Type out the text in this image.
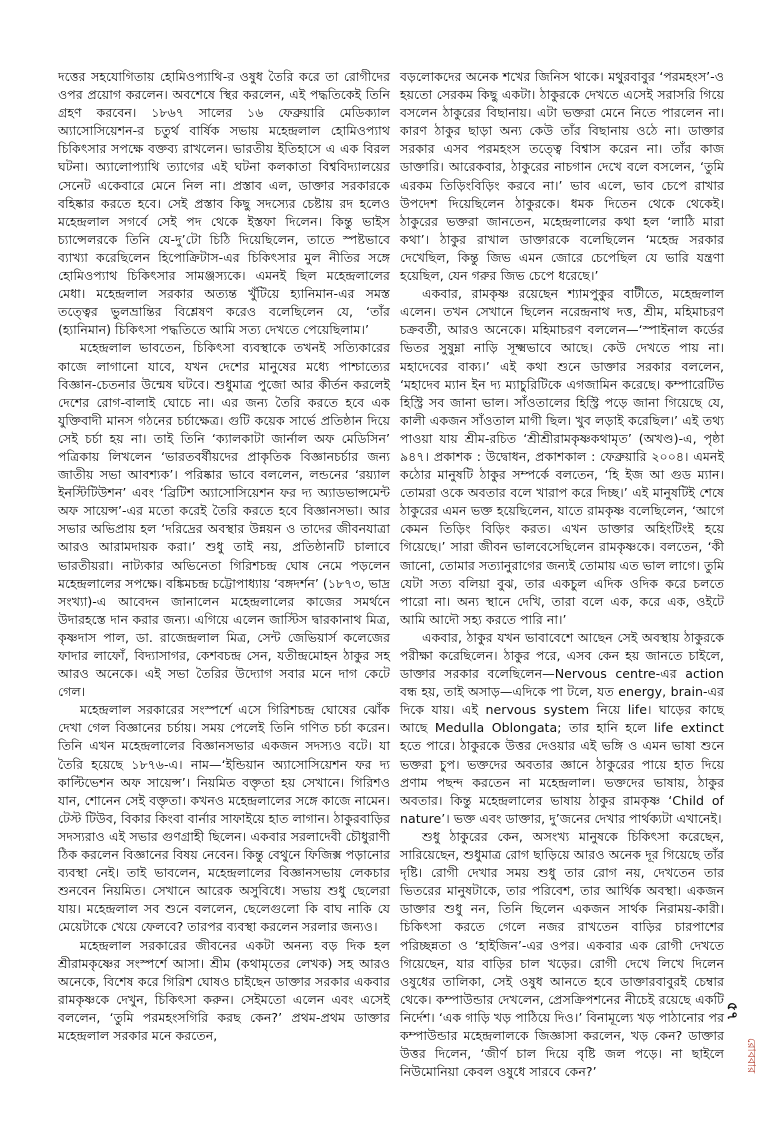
দত্তের সহযোগিতায় হোমিওপ্যাথি-র ওষুধ তৈরি করে তা রোগীদের ওপর প্রয়োগ করলেন। অবশেষে স্থির করলেন, এই পদ্ধতিকেই তিনি গ্রহণ করবেন। ১৮৬৭ সালের ১৬ ফেব্রুয়ারি মেডিক্যাল অ্যাসোসিয়েশন-র চতুর্থ বার্ষিক সভায় মহেন্দ্রলাল হোমিওপ্যাথ চিকিৎসার সপক্ষে বক্তব্য রাখলেন। ভারতীয় ইতিহাসে এ এক বিরল ঘটনা। অ্যালোপ্যাথি ত্যাগের এই ঘটনা কলকাতা বিশ্ববিদ্যালয়ের সেনেট একেবারে মেনে নিল না। প্রস্তাব এল, ডাক্তার সরকারকে বহিষ্কার করতে হবে। সেই প্রস্তাব কিছু সদস্যের চেষ্টায় রদ হলেও মহেন্দ্রলাল সগর্বে সেই পদ থেকে ইস্তফা দিলেন। কিন্তু ভাইস চ্যান্সেলরকে তিনি যে-দু’টো চিঠি দিয়েছিলেন, তাতে স্পষ্টভাবে ব্যাখ্যা করেছিলেন হিপোক্রিটাস-এর চিকিৎসার মুল নীতির সঙ্গে হোমিওপ্যাথ চিকিৎসার সামঞ্জস্যকে। এমনই ছিল মহেন্দ্রলালের মেধা। মহেন্দ্রলাল সরকার অত্যন্ত খুঁটিয়ে হ্যানিমান-এর সমস্ত তত্ত্বের ভুলভ্রান্তির বিশ্লেষণ করেও বলেছিলেন যে, ‘তাঁর (হ্যানিমান) চিকিৎসা পদ্ধতিতে আমি সত্য দেখতে পেয়েছিলাম।’

মহেন্দ্রলাল ভাবতেন, চিকিৎসা ব্যবস্থাকে তখনই সত্যিকারের কাজে লাগানো যাবে, যখন দেশের মানুষের মধ্যে পাশ্চাত্যের বিজ্ঞান-চেতনার উন্মেষ ঘটবে। শুধুমাত্র পুজো আর কীর্তন করলেই দেশের রোগ-বালাই ঘোচে না। এর জন্য তৈরি করতে হবে এক যুক্তিবাদী মানস গঠনের চর্চাক্ষেত্র। গুটি কয়েক সার্ভে প্রতিষ্ঠান দিয়ে সেই চর্চা হয় না। তাই তিনি ‘ক্যালকাটা জার্নাল অফ মেডিসিন’ পত্রিকায় লিখলেন ‘ভারতবর্ষীয়দের প্রাকৃতিক বিজ্ঞানচর্চার জন্য জাতীয় সভা আবশ্যক’। পরিষ্কার ভাবে বললেন, লন্ডনের ‘রয়্যাল ইনস্টিটিউশন’ এবং ‘ব্রিটিশ অ্যাসোসিয়েশন ফর দ্য অ্যাডভান্সমেন্ট অফ সায়েন্স’-এর মতো করেই তৈরি করতে হবে বিজ্ঞানসভা। আর সভার অভিপ্রায় হল ‘দরিদ্রের অবস্থার উন্নয়ন ও তাদের জীবনযাত্রা আরও আরামদায়ক করা।’ শুধু তাই নয়, প্রতিষ্ঠানটি চালাবে ভারতীয়রা। নাট্যকার অভিনেতা গিরিশচন্দ্র ঘোষ নেমে পড়লেন মহেন্দ্রলালের সপক্ষে। বঙ্কিমচন্দ্র চট্টোপাধ্যায় ‘বঙ্গদর্শন’ (১৮৭৩, ভাদ্র সংখ্যা)-এ আবেদন জানালেন মহেন্দ্রলালের কাজের সমর্থনে উদারহস্তে দান করার জন্য। এগিয়ে এলেন জাস্টিস দ্বারকানাথ মিত্র, কৃষ্ণদাস পাল, ডা. রাজেন্দ্রলাল মিত্র, সেন্ট জেভিয়ার্স কলেজের ফাদার লাফোঁ, বিদ্যাসাগর, কেশবচন্দ্র সেন, যতীন্দ্রমোহন ঠাকুর সহ আরও অনেকে। এই সভা তৈরির উদ্যোগ সবার মনে দাগ কেটে গেল।

মহেন্দ্রলাল সরকারের সংস্পর্শে এসে গিরিশচন্দ্র ঘোষের ঝোঁক দেখা গেল বিজ্ঞানের চর্চায়। সময় পেলেই তিনি গণিত চর্চা করেন। তিনি এখন মহেন্দ্রলালের বিজ্ঞানসভার একজন সদস্যও বটে। যা তৈরি হয়েছে ১৮৭৬-এ। নাম—‘ইন্ডিয়ান অ্যাসোসিয়েশন ফর দ্য কাল্টিভেশন অফ সায়েন্স’। নিয়মিত বক্তৃতা হয় সেখানে। গিরিশও যান, শোনেন সেই বক্তৃতা। কখনও মহেন্দ্রলালের সঙ্গে কাজে নামেন। টেস্ট টিউব, বিকার কিংবা বার্নার সাফাইয়ে হাত লাগান। ঠাকুরবাড়ির সদস্যরাও এই সভার গুণগ্রাহী ছিলেন। একবার সরলাদেবী চৌধুরাণী ঠিক করলেন বিজ্ঞানের বিষয় নেবেন। কিন্তু বেথুনে ফিজিক্স পড়ানোর ব্যবস্থা নেই। তাই ভাবলেন, মহেন্দ্রলালের বিজ্ঞানসভায় লেকচার শুনবেন নিয়মিত। সেখানে আরেক অসুবিধে। সভায় শুধু ছেলেরা যায়। মহেন্দ্রলাল সব শুনে বললেন, ছেলেগুলো কি বাঘ নাকি যে মেয়েটাকে খেয়ে ফেলবে? তারপর ব্যবস্থা করলেন সরলার জন্যও।

মহেন্দ্রলাল সরকারের জীবনের একটা অনন্য বড় দিক হল শ্রীরামকৃষ্ণের সংস্পর্শে আসা। শ্রীম (কথামৃতের লেখক) সহ আরও অনেকে, বিশেষ করে গিরিশ ঘোষও চাইছেন ডাক্তার সরকার একবার রামকৃষ্ণকে দেখুন, চিকিৎসা করুন। সেইমতো এলেন এবং এসেই বললেন, ‘তুমি পরমহংসগিরি করছ কেন?’ প্রথম-প্রথম ডাক্তার মহেন্দ্রলাল সরকার মনে করতেন,

বড়লোকদের অনেক শখের জিনিস থাকে। মথুরবাবুর ‘পরমহংস’-ও হয়তো সেরকম কিছু একটা। ঠাকুরকে দেখতে এসেই সরাসরি গিয়ে বসলেন ঠাকুরের বিছানায়। এটা ভক্তরা মেনে নিতে পারলেন না। কারণ ঠাকুর ছাড়া অন্য কেউ তাঁর বিছানায় ওঠে না। ডাক্তার সরকার এসব পরমহংস তত্ত্বে বিশ্বাস করেন না। তাঁর কাজ ডাক্তারি। আরেকবার, ঠাকুরের নাচগান দেখে বলে বসলেন, ‘তুমি এরকম তিড়িংবিড়িং করবে না।’ ভাব এলে, ভাব চেপে রাখার উপদেশ দিয়েছিলেন ঠাকুরকে। ধমক দিতেন থেকে থেকেই। ঠাকুরের ভক্তরা জানতেন, মহেন্দ্রলালের কথা হল ‘লাঠি মারা কথা’। ঠাকুর রাখাল ডাক্তারকে বলেছিলেন ‘মহেন্দ্র সরকার দেখেছিল, কিন্তু জিভ এমন জোরে চেপেছিল যে ভারি যন্ত্রণা হয়েছিল, যেন গরুর জিভ চেপে ধরেছে।’

একবার, রামকৃষ্ণ রয়েছেন শ্যামপুকুর বাটীতে, মহেন্দ্রলাল এলেন। তখন সেখানে ছিলেন নরেন্দ্রনাথ দত্ত, শ্রীম, মহিমাচরণ চক্রবর্তী, আরও অনেকে। মহিমাচরণ বললেন—‘স্পাইনাল কর্ডের ভিতর সুষুম্না নাড়ি সূক্ষ্মভাবে আছে। কেউ দেখতে পায় না। মহাদেবের বাক্য।’ এই কথা শুনে ডাক্তার সরকার বললেন, ‘মহাদেব ম্যান ইন দ্য ম্যাচুরিটিকে এগজামিন করেছে। কম্পারেটিভ হিস্ট্রি সব জানা ভাল। সাঁওতালের হিস্ট্রি পড়ে জানা গিয়েছে যে, কালী একজন সাঁওতাল মাগী ছিল। খুব লড়াই করেছিল।’ এই তথ্য পাওয়া যায় শ্রীম-রচিত ‘শ্রীশ্রীরামকৃষ্ণকথামৃত’ (অখণ্ড)-এ, পৃষ্ঠা ৯৪৭। প্রকাশক : উদ্বোধন, প্রকাশকাল : ফেব্রুয়ারি ২০০৪। এমনই কঠোর মানুষটি ঠাকুর সম্পর্কে বলতেন, ‘হি ইজ আ গুড ম্যান। তোমরা ওকে অবতার বলে খারাপ করে দিচ্ছ।’ এই মানুষটিই শেষে ঠাকুরের এমন ভক্ত হয়েছিলেন, যাতে রামকৃষ্ণ বলেছিলেন, ‘আগে কেমন তিড়িং বিড়িং করত। এখন ডাক্তার অহিংটিংই হয়ে গিয়েছে।’ সারা জীবন ভালবেসেছিলেন রামকৃষ্ণকে। বলতেন, ‘কী জানো, তোমার সত্যানুরাগের জন্যই তোমায় এত ভাল লাগে। তুমি যেটা সত্য বলিয়া বুঝ, তার একচুল এদিক ওদিক করে চলতে পারো না। অন্য স্থানে দেখি, তারা বলে এক, করে এক, ওইটে আমি আদৌ সহ্য করতে পারি না।’

একবার, ঠাকুর যখন ভাবাবেশে আছেন সেই অবস্থায় ঠাকুরকে পরীক্ষা করেছিলেন। ঠাকুর পরে, এসব কেন হয় জানতে চাইলে, ডাক্তার সরকার বলেছিলেন—Nervous centre-এর action বন্ধ হয়, তাই অসাড়—এদিকে পা টলে, যত energy, brain-এর দিকে যায়। এই nervous system নিয়ে life। ঘাড়ের কাছে আছে Medulla Oblongata; তার হানি হলে life extinct হতে পারে। ঠাকুরকে উত্তর দেওয়ার এই ভঙ্গি ও এমন ভাষা শুনে ভক্তরা চুপ। ভক্তদের অবতার জ্ঞানে ঠাকুরের পায়ে হাত দিয়ে প্রণাম পছন্দ করতেন না মহেন্দ্রলাল। ভক্তদের ভাষায়, ঠাকুর অবতার। কিন্তু মহেন্দ্রলালের ভাষায় ঠাকুর রামকৃষ্ণ ‘Child of nature’। ভক্ত এবং ডাক্তার, দু’জনের দেখার পার্থক্যটা এখানেই।

শুধু ঠাকুরের কেন, অসংখ্য মানুষকে চিকিৎসা করেছেন, সারিয়েছেন, শুধুমাত্র রোগ ছাড়িয়ে আরও অনেক দূর গিয়েছে তাঁর দৃষ্টি। রোগী দেখার সময় শুধু তার রোগ নয়, দেখতেন তার ভিতরের মানুষটাকে, তার পরিবেশ, তার আর্থিক অবস্থা। একজন ডাক্তার শুধু নন, তিনি ছিলেন একজন সার্থক নিরাময়-কারী। চিকিৎসা করতে গেলে নজর রাখতেন বাড়ির চারপাশের পরিচ্ছন্নতা ও ‘হাইজিন’-এর ওপর। একবার এক রোগী দেখতে গিয়েছেন, যার বাড়ির চাল খড়ের। রোগী দেখে লিখে দিলেন ওষুধের তালিকা, সেই ওষুধ আনতে হবে ডাক্তারবাবুরই চেম্বার থেকে। কম্পাউন্ডার দেখলেন, প্রেসক্রিপশনের নীচেই রয়েছে একটি নির্দেশ। ‘এক গাড়ি খড় পাঠিয়ে দিও।’ বিনামূল্যে খড় পাঠানোর পর কম্পাউন্ডার মহেন্দ্রলালকে জিজ্ঞাসা করলেন, খড় কেন? ডাক্তার উত্তর দিলেন, ‘জীর্ণ চাল দিয়ে বৃষ্টি জল পড়ে। না ছাইলে নিউমোনিয়া কেবল ওষুধে সারবে কেন?’

৫৭
রোববার
